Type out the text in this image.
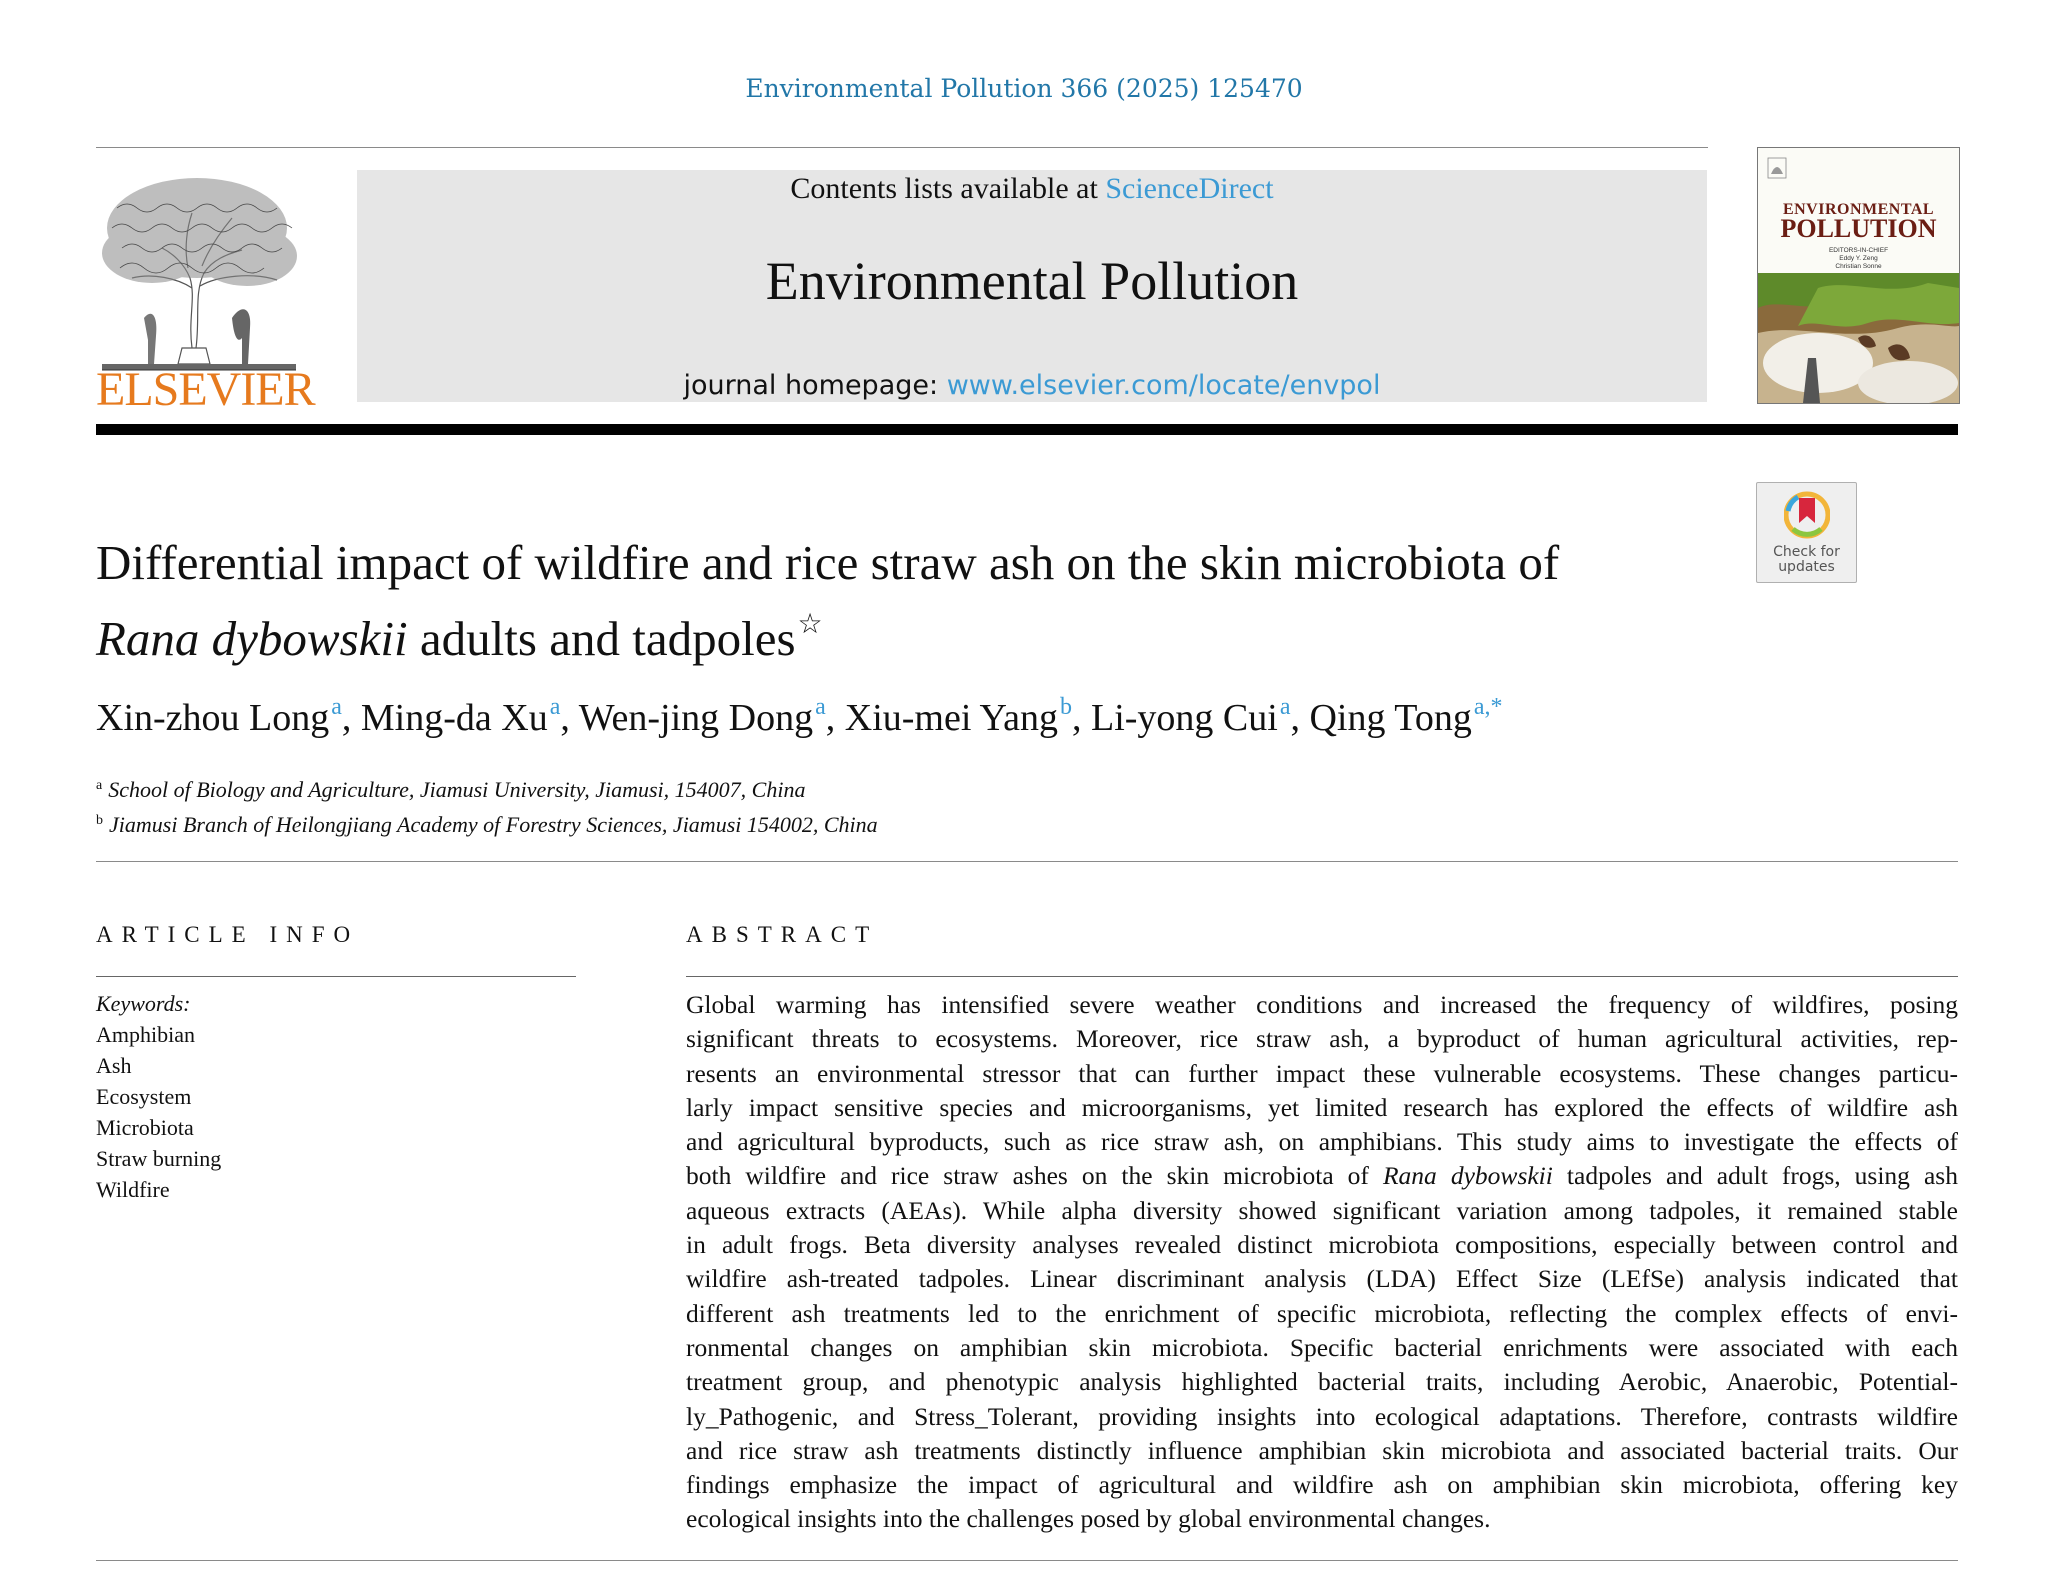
Environmental Pollution 366 (2025) 125470
ELSEVIER
Contents lists available at ScienceDirect
Environmental Pollution
journal homepage: www.elsevier.com/locate/envpol
ENVIRONMENTAL
POLLUTION
EDITORS-IN-CHIEF
Eddy Y. Zeng
Christian Sonne
Check for
updates
Differential impact of wildfire and rice straw ash on the skin microbiota of
Rana dybowskii adults and tadpoles☆
Xin-zhou Long$^a$, Ming-da Xu$^a$, Wen-jing Dong$^a$, Xiu-mei Yang$^b$, Li-yong Cui$^a$, Qing Tong$^{a,*}$
$^a$ School of Biology and Agriculture, Jiamusi University, Jiamusi, 154007, China
$^b$ Jiamusi Branch of Heilongjiang Academy of Forestry Sciences, Jiamusi 154002, China
ARTICLE INFO
Keywords:
Amphibian
Ash
Ecosystem
Microbiota
Straw burning
Wildfire
ABSTRACT
Global warming has intensified severe weather conditions and increased the frequency of wildfires, posing
significant threats to ecosystems. Moreover, rice straw ash, a byproduct of human agricultural activities, rep-
resents an environmental stressor that can further impact these vulnerable ecosystems. These changes particu-
larly impact sensitive species and microorganisms, yet limited research has explored the effects of wildfire ash
and agricultural byproducts, such as rice straw ash, on amphibians. This study aims to investigate the effects of
both wildfire and rice straw ashes on the skin microbiota of Rana dybowskii tadpoles and adult frogs, using ash
aqueous extracts (AEAs). While alpha diversity showed significant variation among tadpoles, it remained stable
in adult frogs. Beta diversity analyses revealed distinct microbiota compositions, especially between control and
wildfire ash-treated tadpoles. Linear discriminant analysis (LDA) Effect Size (LEfSe) analysis indicated that
different ash treatments led to the enrichment of specific microbiota, reflecting the complex effects of envi-
ronmental changes on amphibian skin microbiota. Specific bacterial enrichments were associated with each
treatment group, and phenotypic analysis highlighted bacterial traits, including Aerobic, Anaerobic, Potential-
ly_Pathogenic, and Stress_Tolerant, providing insights into ecological adaptations. Therefore, contrasts wildfire
and rice straw ash treatments distinctly influence amphibian skin microbiota and associated bacterial traits. Our
findings emphasize the impact of agricultural and wildfire ash on amphibian skin microbiota, offering key
ecological insights into the challenges posed by global environmental changes.
